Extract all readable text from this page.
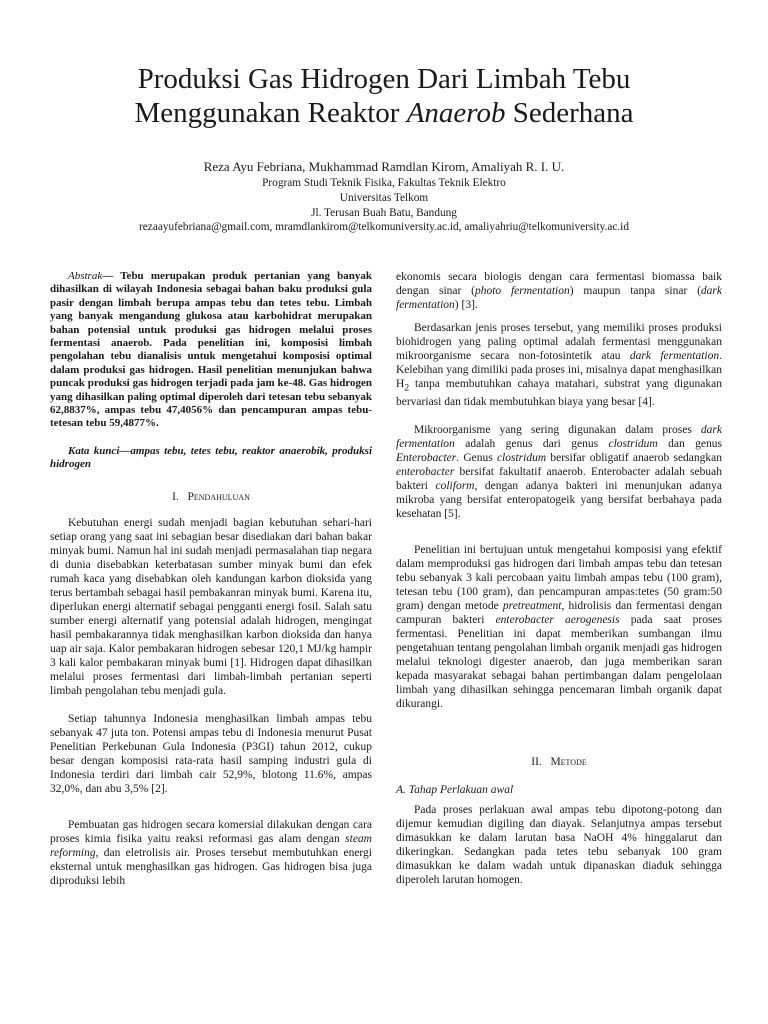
Produksi Gas Hidrogen Dari Limbah Tebu
Menggunakan Reaktor Anaerob Sederhana
Reza Ayu Febriana, Mukhammad Ramdlan Kirom, Amaliyah R. I. U.
Program Studi Teknik Fisika, Fakultas Teknik Elektro
Universitas Telkom
Jl. Terusan Buah Batu, Bandung
rezaayufebriana@gmail.com, mramdlankirom@telkomuniversity.ac.id, amaliyahriu@telkomuniversity.ac.id

Abstrak— Tebu merupakan produk pertanian yang banyak dihasilkan di wilayah Indonesia sebagai bahan baku produksi gula pasir dengan limbah berupa ampas tebu dan tetes tebu. Limbah yang banyak mengandung glukosa atau karbohidrat merupakan bahan potensial untuk produksi gas hidrogen melalui proses fermentasi anaerob. Pada penelitian ini, komposisi limbah pengolahan tebu dianalisis untuk mengetahui komposisi optimal dalam produksi gas hidrogen. Hasil penelitian menunjukan bahwa puncak produksi gas hidrogen terjadi pada jam ke-48. Gas hidrogen yang dihasilkan paling optimal diperoleh dari tetesan tebu sebanyak 62,8837%, ampas tebu 47,4056% dan pencampuran ampas tebu-tetesan tebu 59,4877%.

Kata kunci—ampas tebu, tetes tebu, reaktor anaerobik, produksi hidrogen

I. Pendahuluan

Kebutuhan energi sudah menjadi bagian kebutuhan sehari-hari setiap orang yang saat ini sebagian besar disediakan dari bahan bakar minyak bumi. Namun hal ini sudah menjadi permasalahan tiap negara di dunia disebabkan keterbatasan sumber minyak bumi dan efek rumah kaca yang disebabkan oleh kandungan karbon dioksida yang terus bertambah sebagai hasil pembakanran minyak bumi. Karena itu, diperlukan energi alternatif sebagai pengganti energi fosil. Salah satu sumber energi alternatif yang potensial adalah hidrogen, mengingat hasil pembakarannya tidak menghasilkan karbon dioksida dan hanya uap air saja. Kalor pembakaran hidrogen sebesar 120,1 MJ/kg hampir 3 kali kalor pembakaran minyak bumi [1]. Hidrogen dapat dihasilkan melalui proses fermentasi dari limbah-limbah pertanian seperti limbah pengolahan tebu menjadi gula.

Setiap tahunnya Indonesia menghasilkan limbah ampas tebu sebanyak 47 juta ton. Potensi ampas tebu di Indonesia menurut Pusat Penelitian Perkebunan Gula Indonesia (P3GI) tahun 2012, cukup besar dengan komposisi rata-rata hasil samping industri gula di Indonesia terdiri dari limbah cair 52,9%, blotong 11.6%, ampas 32,0%, dan abu 3,5% [2].

Pembuatan gas hidrogen secara komersial dilakukan dengan cara proses kimia fisika yaitu reaksi reformasi gas alam dengan steam reforming, dan eletrolisis air. Proses tersebut membutuhkan energi eksternal untuk menghasilkan gas hidrogen. Gas hidrogen bisa juga diproduksi lebih

ekonomis secara biologis dengan cara fermentasi biomassa baik dengan sinar (photo fermentation) maupun tanpa sinar (dark fermentation) [3].

Berdasarkan jenis proses tersebut, yang memiliki proses produksi biohidrogen yang paling optimal adalah fermentasi menggunakan mikroorganisme secara non-fotosintetik atau dark fermentation. Kelebihan yang dimiliki pada proses ini, misalnya dapat menghasilkan $H_2$ tanpa membutuhkan cahaya matahari, substrat yang digunakan bervariasi dan tidak membutuhkan biaya yang besar [4].

Mikroorganisme yang sering digunakan dalam proses dark fermentation adalah genus dari genus clostridum dan genus Enterobacter. Genus clostridum bersifar obligatif anaerob sedangkan enterobacter bersifat fakultatif anaerob. Enterobacter adalah sebuah bakteri coliform, dengan adanya bakteri ini menunjukan adanya mikroba yang bersifat enteropatogeik yang bersifat berbahaya pada kesehatan [5].

Penelitian ini bertujuan untuk mengetahui komposisi yang efektif dalam memproduksi gas hidrogen dari limbah ampas tebu dan tetesan tebu sebanyak 3 kali percobaan yaitu limbah ampas tebu (100 gram), tetesan tebu (100 gram), dan pencampuran ampas:tetes (50 gram:50 gram) dengan metode pretreatment, hidrolisis dan fermentasi dengan campuran bakteri enterobacter aerogenesis pada saat proses fermentasi. Penelitian ini dapat memberikan sumbangan ilmu pengetahuan tentang pengolahan limbah organik menjadi gas hidrogen melalui teknologi digester anaerob, dan juga memberikan saran kepada masyarakat sebagai bahan pertimbangan dalam pengelolaan limbah yang dihasilkan sehingga pencemaran limbah organik dapat dikurangi.

II. Metode
A. Tahap Perlakuan awal

Pada proses perlakuan awal ampas tebu dipotong-potong dan dijemur kemudian digiling dan diayak. Selanjutnya ampas tersebut dimasukkan ke dalam larutan basa NaOH 4% hinggalarut dan dikeringkan. Sedangkan pada tetes tebu sebanyak 100 gram dimasukkan ke dalam wadah untuk dipanaskan diaduk sehingga diperoleh larutan homogen.
